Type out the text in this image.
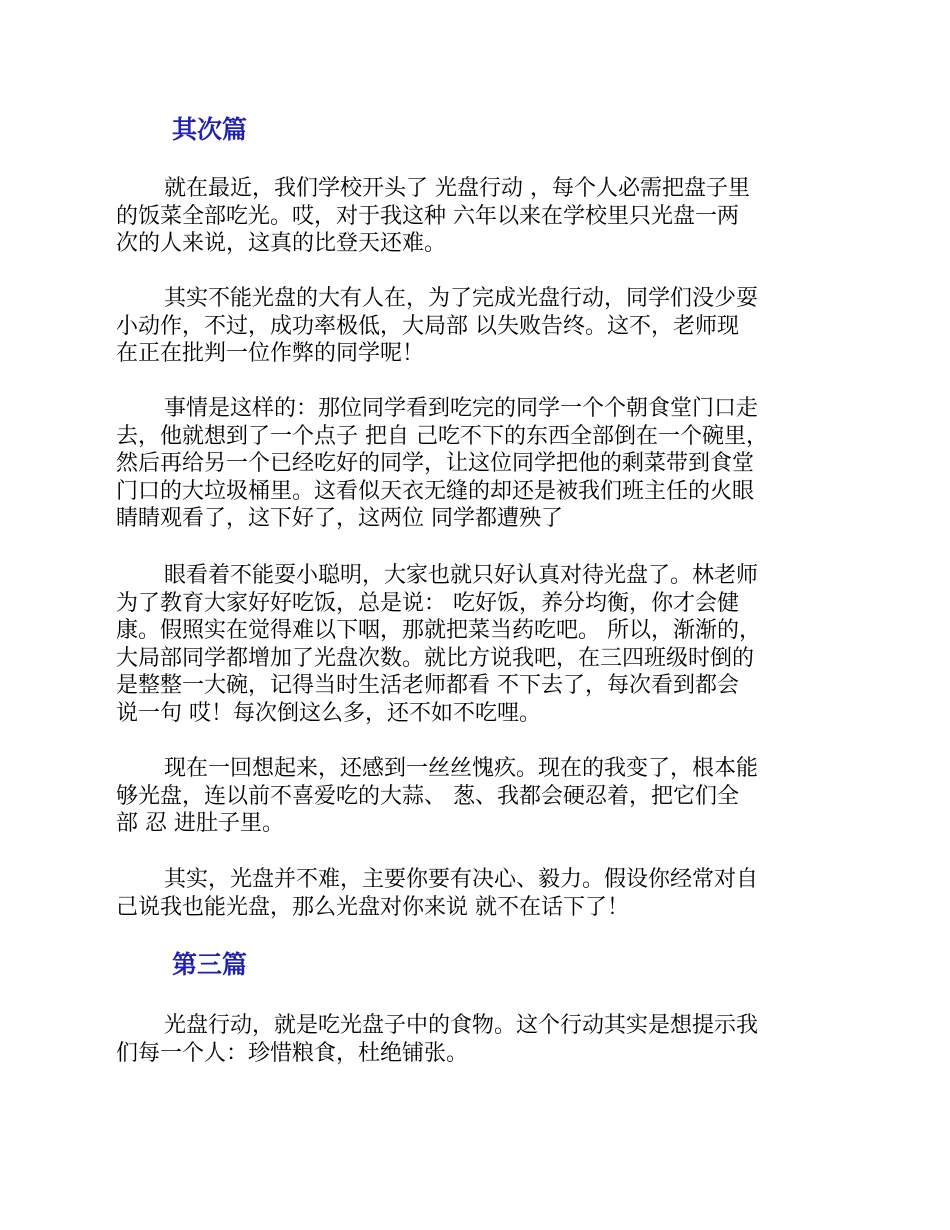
其次篇

就在最近，我们学校开头了 光盘行动 ，每个人必需把盘子里
的饭菜全部吃光。哎，对于我这种 六年以来在学校里只光盘一两
次的人来说，这真的比登天还难。

其实不能光盘的大有人在，为了完成光盘行动，同学们没少耍
小动作，不过，成功率极低，大局部 以失败告终。这不，老师现
在正在批判一位作弊的同学呢！

事情是这样的：那位同学看到吃完的同学一个个朝食堂门口走
去，他就想到了一个点子 把自 己吃不下的东西全部倒在一个碗里，
然后再给另一个已经吃好的同学，让这位同学把他的剩菜带到食堂
门口的大垃圾桶里。这看似天衣无缝的却还是被我们班主任的火眼
睛睛观看了，这下好了，这两位 同学都遭殃了

眼看着不能耍小聪明，大家也就只好认真对待光盘了。林老师
为了教育大家好好吃饭，总是说： 吃好饭，养分均衡，你才会健
康。假照实在觉得难以下咽，那就把菜当药吃吧。 所以，渐渐的，
大局部同学都增加了光盘次数。就比方说我吧，在三四班级时倒的
是整整一大碗，记得当时生活老师都看 不下去了，每次看到都会
说一句 哎！每次倒这么多，还不如不吃哩。

现在一回想起来，还感到一丝丝愧疚。现在的我变了，根本能
够光盘，连以前不喜爱吃的大蒜、 葱、我都会硬忍着，把它们全
部 忍 进肚子里。

其实，光盘并不难，主要你要有决心、毅力。假设你经常对自
己说我也能光盘，那么光盘对你来说 就不在话下了！

第三篇

光盘行动，就是吃光盘子中的食物。这个行动其实是想提示我
们每一个人：珍惜粮食，杜绝铺张。
